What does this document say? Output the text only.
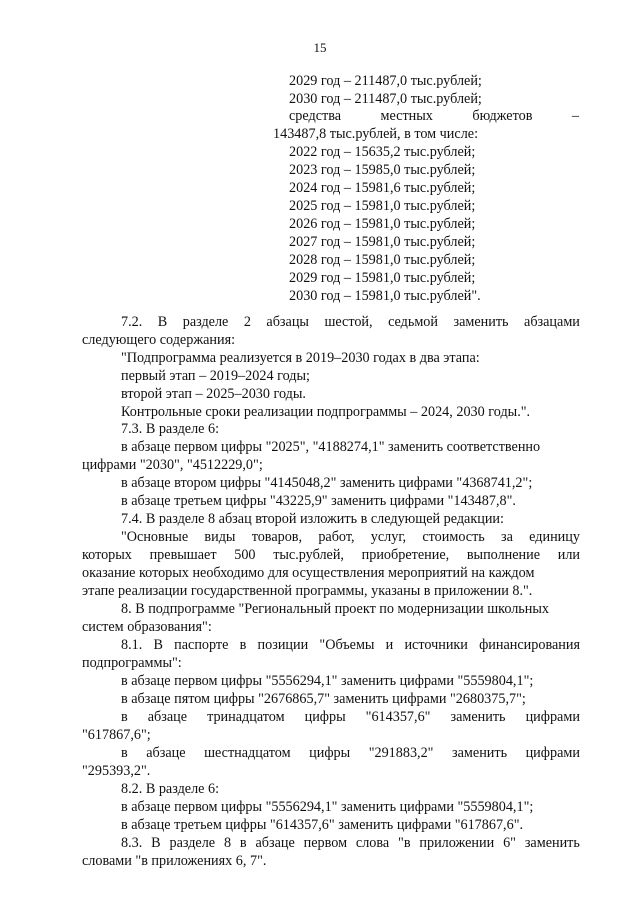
15
2029 год – 211487,0 тыс.рублей;
2030 год – 211487,0 тыс.рублей;
средства	местных	бюджетов	–
143487,8 тыс.рублей, в том числе:
2022 год – 15635,2 тыс.рублей;
2023 год – 15985,0 тыс.рублей;
2024 год – 15981,6 тыс.рублей;
2025 год – 15981,0 тыс.рублей;
2026 год – 15981,0 тыс.рублей;
2027 год – 15981,0 тыс.рублей;
2028 год – 15981,0 тыс.рублей;
2029 год – 15981,0 тыс.рублей;
2030 год – 15981,0 тыс.рублей".
7.2. В разделе 2 абзацы шестой, седьмой заменить абзацами
следующего содержания:
"Подпрограмма реализуется в 2019–2030 годах в два этапа:
первый этап – 2019–2024 годы;
второй этап – 2025–2030 годы.
Контрольные сроки реализации подпрограммы – 2024, 2030 годы.".
7.3. В разделе 6:
в абзаце первом цифры "2025", "4188274,1" заменить соответственно
цифрами "2030", "4512229,0";
в абзаце втором цифры "4145048,2" заменить цифрами "4368741,2";
в абзаце третьем цифры "43225,9" заменить цифрами "143487,8".
7.4. В разделе 8 абзац второй изложить в следующей редакции:
"Основные виды товаров, работ, услуг, стоимость за единицу
которых превышает 500 тыс.рублей, приобретение, выполнение или
оказание которых необходимо для осуществления мероприятий на каждом
этапе реализации государственной программы, указаны в приложении 8.".
8. В подпрограмме "Региональный проект по модернизации школьных
систем образования":
8.1. В паспорте в позиции "Объемы и источники финансирования
подпрограммы":
в абзаце первом цифры "5556294,1" заменить цифрами "5559804,1";
в абзаце пятом цифры "2676865,7" заменить цифрами "2680375,7";
в абзаце тринадцатом цифры "614357,6" заменить цифрами
"617867,6";
в абзаце шестнадцатом цифры "291883,2" заменить цифрами
"295393,2".
8.2. В разделе 6:
в абзаце первом цифры "5556294,1" заменить цифрами "5559804,1";
в абзаце третьем цифры "614357,6" заменить цифрами "617867,6".
8.3. В разделе 8 в абзаце первом слова "в приложении 6" заменить
словами "в приложениях 6, 7".
